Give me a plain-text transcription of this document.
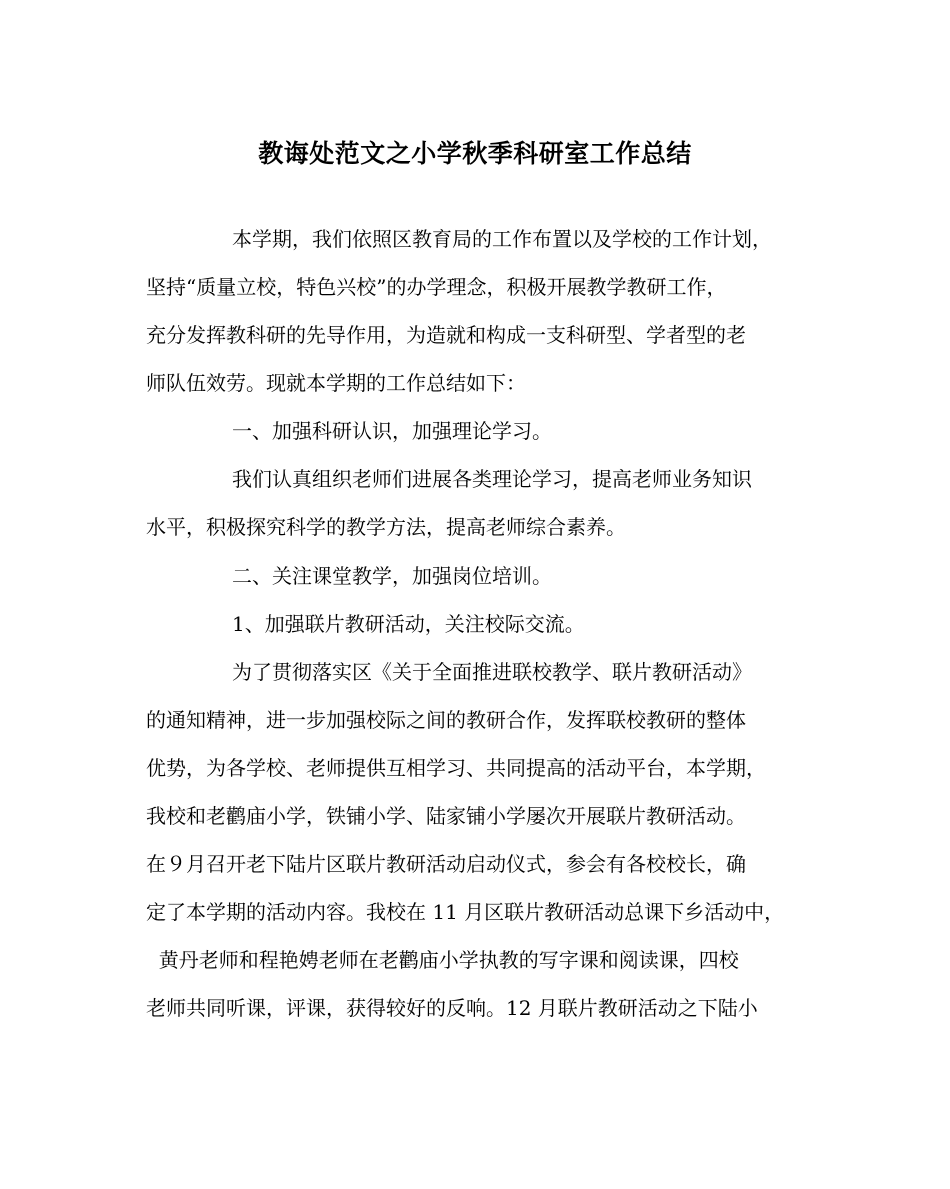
教诲处范文之小学秋季科研室工作总结
本学期，我们依照区教育局的工作布置以及学校的工作计划，
坚持“质量立校，特色兴校”的办学理念，积极开展教学教研工作，
充分发挥教科研的先导作用，为造就和构成一支科研型、学者型的老
师队伍效劳。现就本学期的工作总结如下：
一、加强科研认识，加强理论学习。
我们认真组织老师们进展各类理论学习，提高老师业务知识
水平，积极探究科学的教学方法，提高老师综合素养。
二、关注课堂教学，加强岗位培训。
1、加强联片教研活动，关注校际交流。
为了贯彻落实区《关于全面推进联校教学、联片教研活动》
的通知精神，进一步加强校际之间的教研合作，发挥联校教研的整体
优势，为各学校、老师提供互相学习、共同提高的活动平台，本学期，
我校和老鹳庙小学，铁铺小学、陆家铺小学屡次开展联片教研活动。
在９月召开老下陆片区联片教研活动启动仪式，参会有各校校长，确
定了本学期的活动内容。我校在 11 月区联片教研活动总课下乡活动中，
黄丹老师和程艳娉老师在老鹳庙小学执教的写字课和阅读课，四校
老师共同听课，评课，获得较好的反响。12 月联片教研活动之下陆小
